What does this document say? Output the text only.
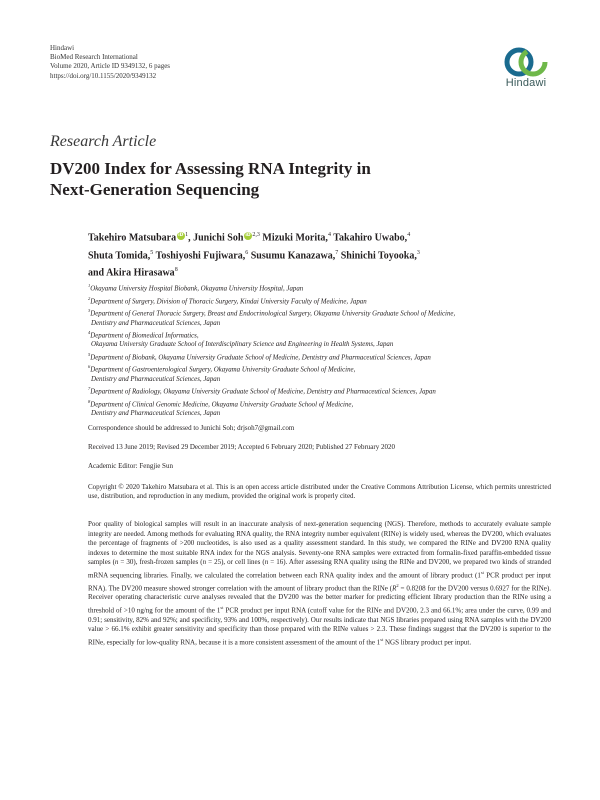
Hindawi
BioMed Research International
Volume 2020, Article ID 9349132, 6 pages
https://doi.org/10.1155/2020/9349132
Hindawi
Research Article
DV200 Index for Assessing RNA Integrity in
Next-Generation Sequencing
Takehiro Matsubara iD $^1$, Junichi Soh iD $^{2,3}$ Mizuki Morita,$^4$ Takahiro Uwabo,$^4$
Shuta Tomida,$^5$ Toshiyoshi Fujiwara,$^6$ Susumu Kanazawa,$^7$ Shinichi Toyooka,$^3$
and Akira Hirasawa$^8$
$^1$Okayama University Hospital Biobank, Okayama University Hospital, Japan
$^2$Department of Surgery, Division of Thoracic Surgery, Kindai University Faculty of Medicine, Japan
$^3$Department of General Thoracic Surgery, Breast and Endocrinological Surgery, Okayama University Graduate School of Medicine,
Dentistry and Pharmaceutical Sciences, Japan
$^4$Department of Biomedical Informatics,
Okayama University Graduate School of Interdisciplinary Science and Engineering in Health Systems, Japan
$^5$Department of Biobank, Okayama University Graduate School of Medicine, Dentistry and Pharmaceutical Sciences, Japan
$^6$Department of Gastroenterological Surgery, Okayama University Graduate School of Medicine,
Dentistry and Pharmaceutical Sciences, Japan
$^7$Department of Radiology, Okayama University Graduate School of Medicine, Dentistry and Pharmaceutical Sciences, Japan
$^8$Department of Clinical Genomic Medicine, Okayama University Graduate School of Medicine,
Dentistry and Pharmaceutical Sciences, Japan
Correspondence should be addressed to Junichi Soh; drjsoh7@gmail.com
Received 13 June 2019; Revised 29 December 2019; Accepted 6 February 2020; Published 27 February 2020
Academic Editor: Fengjie Sun

Copyright © 2020 Takehiro Matsubara et al. This is an open access article distributed under the Creative Commons Attribution License, which permits unrestricted use, distribution, and reproduction in any medium, provided the original work is properly cited.

Poor quality of biological samples will result in an inaccurate analysis of next-generation sequencing (NGS). Therefore, methods to accurately evaluate sample integrity are needed. Among methods for evaluating RNA quality, the RNA integrity number equivalent (RINe) is widely used, whereas the DV200, which evaluates the percentage of fragments of >200 nucleotides, is also used as a quality assessment standard. In this study, we compared the RINe and DV200 RNA quality indexes to determine the most suitable RNA index for the NGS analysis. Seventy-one RNA samples were extracted from formalin-fixed paraffin-embedded tissue samples (n = 30), fresh-frozen samples (n = 25), or cell lines (n = 16). After assessing RNA quality using the RINe and DV200, we prepared two kinds of stranded mRNA sequencing libraries. Finally, we calculated the correlation between each RNA quality index and the amount of library product (1st PCR product per input RNA). The DV200 measure showed stronger correlation with the amount of library product than the RINe ($R^2 = 0.8208$ for the DV200 versus 0.6927 for the RINe). Receiver operating characteristic curve analyses revealed that the DV200 was the better marker for predicting efficient library production than the RINe using a threshold of >10 ng/ng for the amount of the 1st PCR product per input RNA (cutoff value for the RINe and DV200, 2.3 and 66.1%; area under the curve, 0.99 and 0.91; sensitivity, 82% and 92%; and specificity, 93% and 100%, respectively). Our results indicate that NGS libraries prepared using RNA samples with the DV200 value > 66.1% exhibit greater sensitivity and specificity than those prepared with the RINe values > 2.3. These findings suggest that the DV200 is superior to the RINe, especially for low-quality RNA, because it is a more consistent assessment of the amount of the 1st NGS library product per input.
